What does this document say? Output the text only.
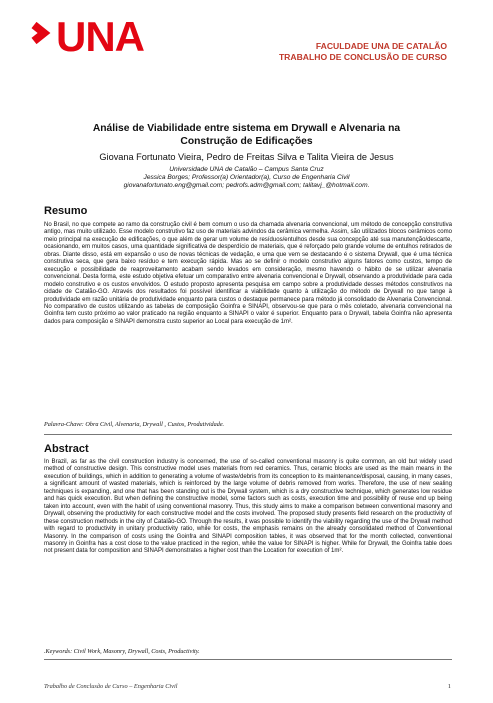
UNA	FACULDADE UNA DE CATALÃO
TRABALHO DE CONCLUSÃO DE CURSO
Análise de Viabilidade entre sistema em Drywall e Alvenaria na
Construção de Edificações
Giovana Fortunato Vieira, Pedro de Freitas Silva e Talita Vieira de Jesus
Universidade UNA de Catalão – Campus Santa Cruz
Jessica Borges; Professor(a) Orientador(a), Curso de Engenharia Civil
giovanafortunato.eng@gmail.com; pedrofs.adm@gmail.com; talitavj_@hotmail.com.
Resumo

No Brasil, no que compete ao ramo da construção civil é bem comum o uso da chamada alvenaria convencional, um método de concepção construtiva antigo, mas muito utilizado. Esse modelo construtivo faz uso de materiais advindos da cerâmica vermelha. Assim, são utilizados blocos cerâmicos como meio principal na execução de edificações, o que além de gerar um volume de resíduos/entulhos desde sua concepção até sua manutenção/descarte, ocasionando, em muitos casos, uma quantidade significativa de desperdício de materiais, que é reforçado pelo grande volume de entulhos retirados de obras. Diante disso, está em expansão o uso de novas técnicas de vedação, e uma que vem se destacando é o sistema Drywall, que é uma técnica construtiva seca, que gera baixo resíduo e tem execução rápida. Mas ao se definir o modelo construtivo alguns fatores como custos, tempo de execução e possibilidade de reaproveitamento acabam sendo levados em consideração, mesmo havendo o hábito de se utilizar alvenaria convencional. Desta forma, este estudo objetiva efetuar um comparativo entre alvenaria convencional e Drywall, observando a produtividade para cada modelo construtivo e os custos envolvidos. O estudo proposto apresenta pesquisa em campo sobre a produtividade desses métodos construtivos na cidade de Catalão-GO. Através dos resultados foi possível identificar a viabilidade quanto à utilização do método de Drywall no que tange à produtividade em razão unitária de produtividade enquanto para custos o destaque permanece para método já consolidado de Alvenaria Convencional. No comparativo de custos utilizando as tabelas de composição Goinfra e SINAPI, observou-se que para o mês coletado, alvenaria convencional na Goinfra tem custo próximo ao valor praticado na região enquanto a SINAPI o valor é superior. Enquanto para o Drywall, tabela Goinfra não apresenta dados para composição e SINAPI demonstra custo superior ao Local para execução de 1m².

Palavra-Chave: Obra Civil, Alvenaria, Drywall , Custos, Produtividade.
Abstract

In Brazil, as far as the civil construction industry is concerned, the use of so-called conventional masonry is quite common, an old but widely used method of constructive design. This constructive model uses materials from red ceramics. Thus, ceramic blocks are used as the main means in the execution of buildings, which in addition to generating a volume of waste/debris from its conception to its maintenance/disposal, causing, in many cases, a significant amount of wasted materials, which is reinforced by the large volume of debris removed from works. Therefore, the use of new sealing techniques is expanding, and one that has been standing out is the Drywall system, which is a dry constructive technique, which generates low residue and has quick execution. But when defining the constructive model, some factors such as costs, execution time and possibility of reuse end up being taken into account, even with the habit of using conventional masonry. Thus, this study aims to make a comparison between conventional masonry and Drywall, observing the productivity for each constructive model and the costs involved. The proposed study presents field research on the productivity of these construction methods in the city of Catalão-GO. Through the results, it was possible to identify the viability regarding the use of the Drywall method with regard to productivity in unitary productivity ratio, while for costs, the emphasis remains on the already consolidated method of Conventional Masonry. In the comparison of costs using the Goinfra and SINAPI composition tables, it was observed that for the month collected, conventional masonry in Goinfra has a cost close to the value practiced in the region, while the value for SINAPI is higher. While for Drywall, the Goinfra table does not present data for composition and SINAPI demonstrates a higher cost than the Location for execution of 1m².

.Keywords: Civil Work, Masonry, Drywall, Costs, Productivity.
Trabalho de Conclusão de Curso – Engenharia Civil	1
